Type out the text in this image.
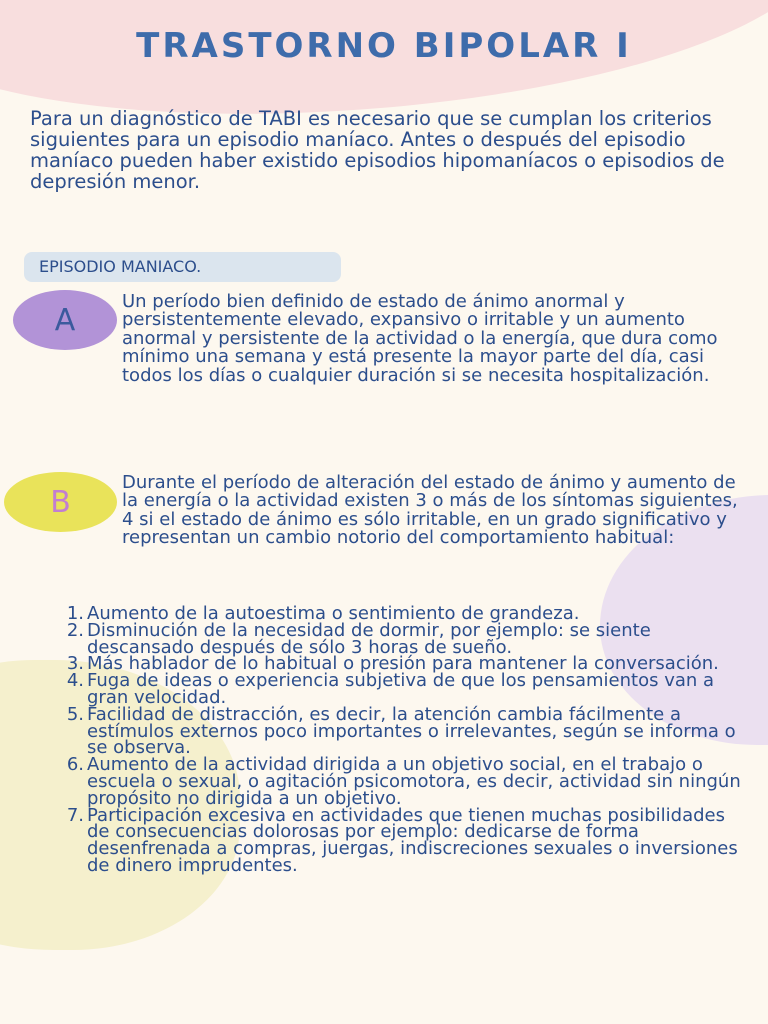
TRASTORNO BIPOLAR I

Para un diagnóstico de TABI es necesario que se cumplan los criterios siguientes para un episodio maníaco. Antes o después del episodio maníaco pueden haber existido episodios hipomaníacos o episodios de depresión menor.

EPISODIO MANIACO.
A

Un período bien definido de estado de ánimo anormal y persistentemente elevado, expansivo o irritable y un aumento anormal y persistente de la actividad o la energía, que dura como mínimo una semana y está presente la mayor parte del día, casi todos los días o cualquier duración si se necesita hospitalización.

B

Durante el período de alteración del estado de ánimo y aumento de la energía o la actividad existen 3 o más de los síntomas siguientes, 4 si el estado de ánimo es sólo irritable, en un grado significativo y representan un cambio notorio del comportamiento habitual:

1. Aumento de la autoestima o sentimiento de grandeza.
2. Disminución de la necesidad de dormir, por ejemplo: se siente descansado después de sólo 3 horas de sueño.
3. Más hablador de lo habitual o presión para mantener la conversación.
4. Fuga de ideas o experiencia subjetiva de que los pensamientos van a gran velocidad.
5. Facilidad de distracción, es decir, la atención cambia fácilmente a estímulos externos poco importantes o irrelevantes, según se informa o se observa.
6. Aumento de la actividad dirigida a un objetivo social, en el trabajo o escuela o sexual, o agitación psicomotora, es decir, actividad sin ningún propósito no dirigida a un objetivo.
7. Participación excesiva en actividades que tienen muchas posibilidades de consecuencias dolorosas por ejemplo: dedicarse de forma desenfrenada a compras, juergas, indiscreciones sexuales o inversiones de dinero imprudentes.
